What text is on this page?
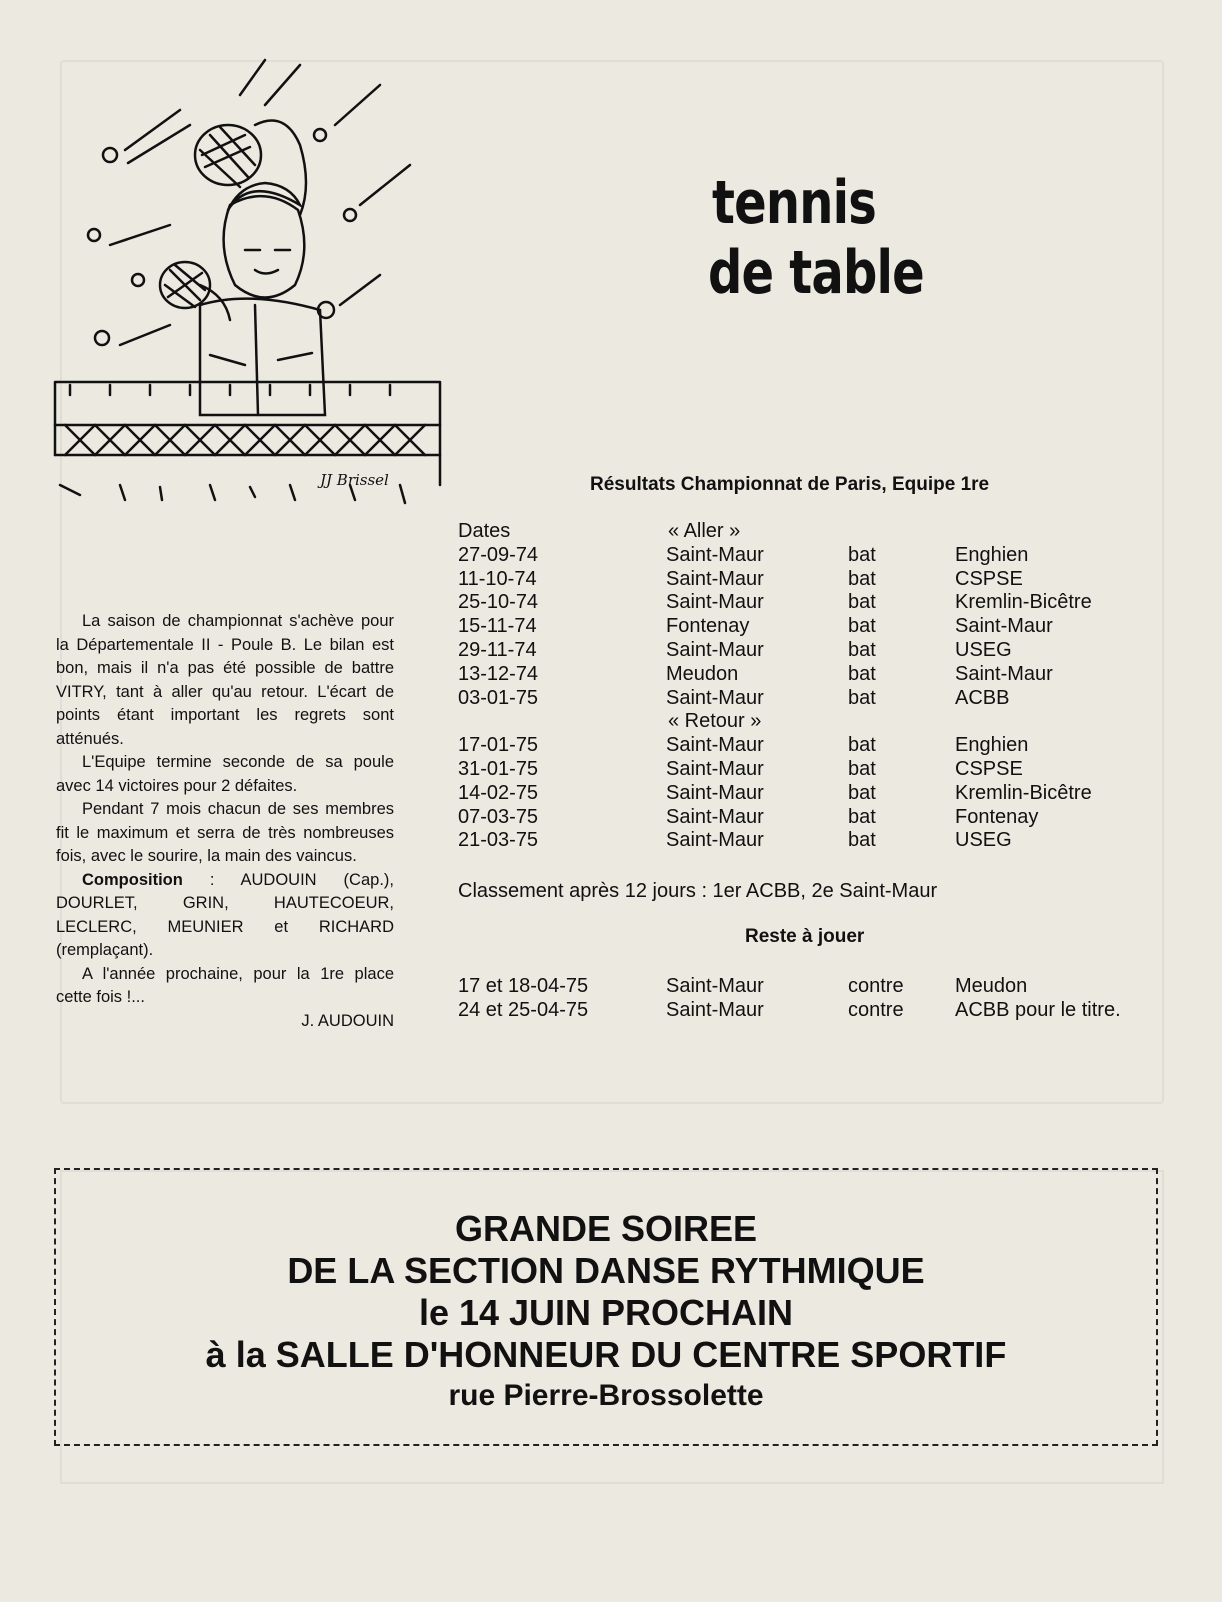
JJ Brissel
tennis
de table
Résultats Championnat de Paris, Equipe 1re
Dates	« Aller »
27-09-74	Saint-Maur	bat	Enghien
11-10-74	Saint-Maur	bat	CSPSE
25-10-74	Saint-Maur	bat	Kremlin-Bicêtre
15-11-74	Fontenay	bat	Saint-Maur
29-11-74	Saint-Maur	bat	USEG
13-12-74	Meudon	bat	Saint-Maur
03-01-75	Saint-Maur	bat	ACBB
« Retour »
17-01-75	Saint-Maur	bat	Enghien
31-01-75	Saint-Maur	bat	CSPSE
14-02-75	Saint-Maur	bat	Kremlin-Bicêtre
07-03-75	Saint-Maur	bat	Fontenay
21-03-75	Saint-Maur	bat	USEG

La saison de championnat s'achève pour la Départementale II - Poule B. Le bilan est bon, mais il n'a pas été possible de battre VITRY, tant à aller qu'au retour. L'écart de points étant important les regrets sont atténués.

L'Equipe termine seconde de sa poule avec 14 victoires pour 2 défaites.

Pendant 7 mois chacun de ses membres fit le maximum et serra de très nombreuses fois, avec le sourire, la main des vaincus.

Composition : AUDOUIN (Cap.), DOURLET, GRIN, HAUTECOEUR, LECLERC, MEUNIER et RICHARD (remplaçant).

A l'année prochaine, pour la 1re place cette fois !...

J. AUDOUIN

Classement après 12 jours : 1er ACBB, 2e Saint-Maur
Reste à jouer
17 et 18-04-75	Saint-Maur	contre	Meudon
24 et 25-04-75	Saint-Maur	contre	ACBB pour le titre.
GRANDE SOIREE
DE LA SECTION DANSE RYTHMIQUE
le 14 JUIN PROCHAIN
à la SALLE D'HONNEUR DU CENTRE SPORTIF
rue Pierre-Brossolette
